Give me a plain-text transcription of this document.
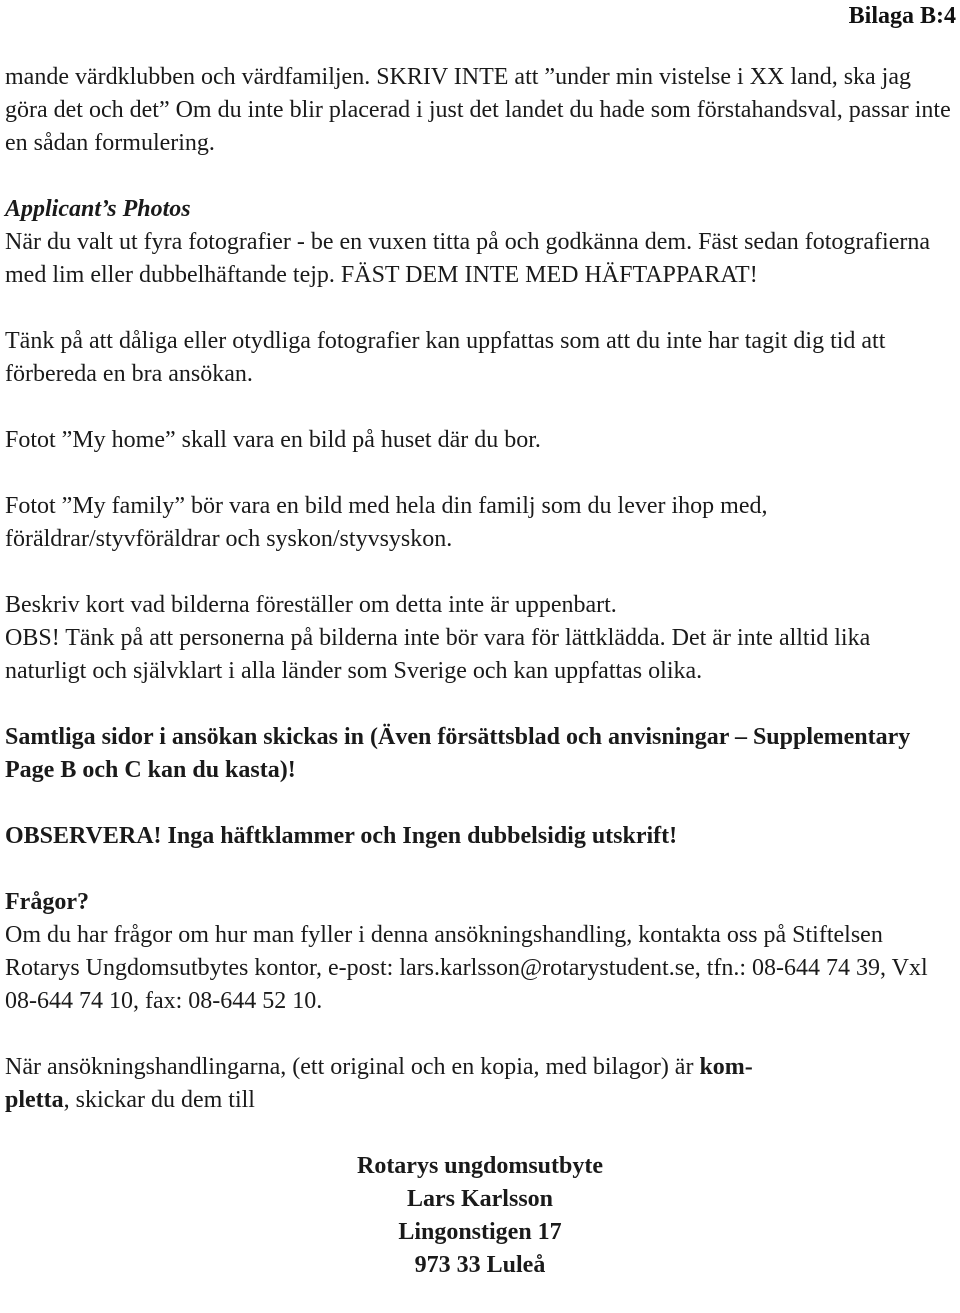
Bilaga B:4

mande värdklubben och värdfamiljen. SKRIV INTE att ”under min vistelse i XX land, ska jag göra det och det” Om du inte blir placerad i just det landet du hade som förstahandsval, passar inte en sådan formulering.

Applicant’s Photos

När du valt ut fyra fotografier - be en vuxen titta på och godkänna dem. Fäst sedan fotografierna med lim eller dubbelhäftande tejp. FÄST DEM INTE MED HÄFTAPPARAT!

Tänk på att dåliga eller otydliga fotografier kan uppfattas som att du inte har tagit dig tid att förbereda en bra ansökan.

Fotot ”My home” skall vara en bild på huset där du bor.

Fotot ”My family” bör vara en bild med hela din familj som du lever ihop med, föräldrar/styvföräldrar och syskon/styvsyskon.

Beskriv kort vad bilderna föreställer om detta inte är uppenbart.

OBS! Tänk på att personerna på bilderna inte bör vara för lättklädda. Det är inte alltid lika naturligt och självklart i alla länder som Sverige och kan uppfattas olika.

Samtliga sidor i ansökan skickas in (Även försättsblad och anvisningar – Supplementary Page B och C kan du kasta)!

OBSERVERA! Inga häftklammer och Ingen dubbelsidig utskrift!

Frågor?

Om du har frågor om hur man fyller i denna ansökningshandling, kontakta oss på Stiftelsen Rotarys Ungdomsutbytes kontor, e-post: lars.karlsson@rotarystudent.se, tfn.: 08-644 74 39, Vxl 08-644 74 10, fax: 08-644 52 10.

När ansökningshandlingarna, (ett original och en kopia, med bilagor) är kom-
pletta, skickar du dem till

Rotarys ungdomsutbyte
Lars Karlsson
Lingonstigen 17
973 33 Luleå
